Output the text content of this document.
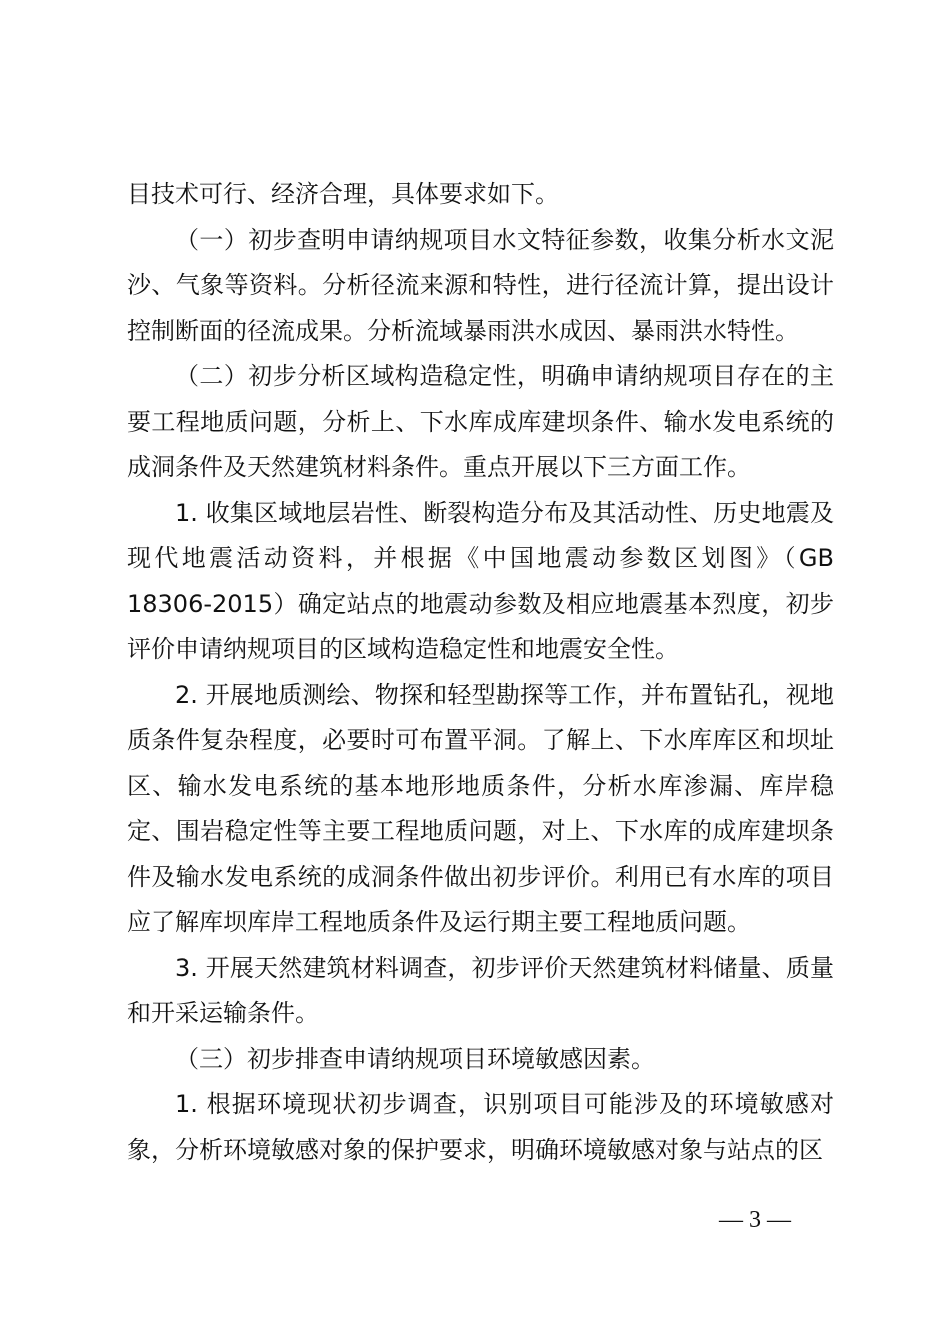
目技术可行、经济合理，具体要求如下。

（一）初步查明申请纳规项目水文特征参数，收集分析水文泥沙、气象等资料。分析径流来源和特性，进行径流计算，提出设计控制断面的径流成果。分析流域暴雨洪水成因、暴雨洪水特性。

（二）初步分析区域构造稳定性，明确申请纳规项目存在的主要工程地质问题，分析上、下水库成库建坝条件、输水发电系统的成洞条件及天然建筑材料条件。重点开展以下三方面工作。

1. 收集区域地层岩性、断裂构造分布及其活动性、历史地震及现代地震活动资料，并根据《中国地震动参数区划图》（GB 18306-2015）确定站点的地震动参数及相应地震基本烈度，初步评价申请纳规项目的区域构造稳定性和地震安全性。

2. 开展地质测绘、物探和轻型勘探等工作，并布置钻孔，视地质条件复杂程度，必要时可布置平洞。了解上、下水库库区和坝址区、输水发电系统的基本地形地质条件，分析水库渗漏、库岸稳定、围岩稳定性等主要工程地质问题，对上、下水库的成库建坝条件及输水发电系统的成洞条件做出初步评价。利用已有水库的项目应了解库坝库岸工程地质条件及运行期主要工程地质问题。

3. 开展天然建筑材料调查，初步评价天然建筑材料储量、质量和开采运输条件。

（三）初步排查申请纳规项目环境敏感因素。

1. 根据环境现状初步调查，识别项目可能涉及的环境敏感对象，分析环境敏感对象的保护要求，明确环境敏感对象与站点的区

— 3 —
